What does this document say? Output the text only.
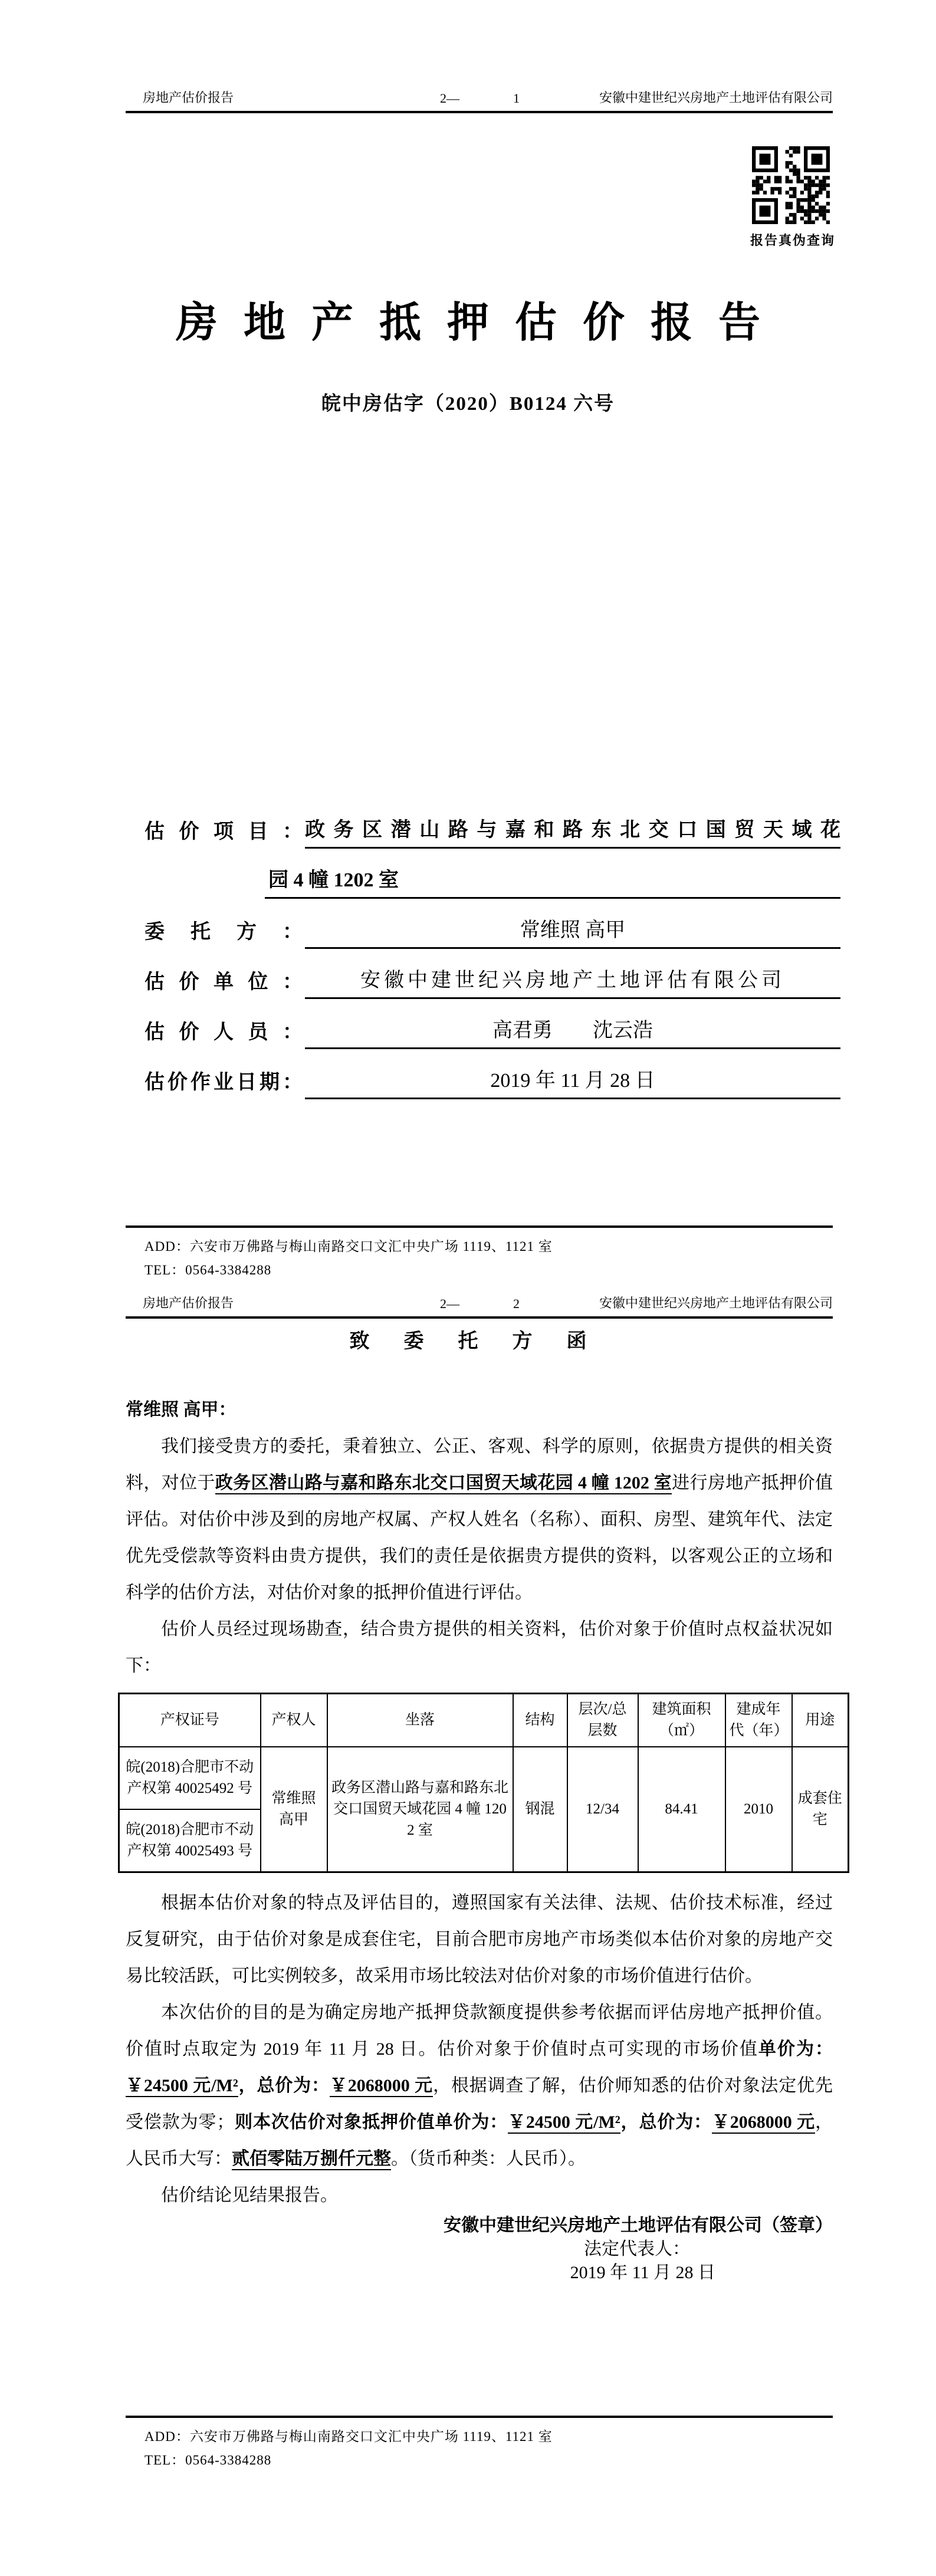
房地产估价报告	2—	1	安徽中建世纪兴房地产土地评估有限公司
报告真伪查询
房地产抵押估价报告
皖中房估字（2020）B0124 六号
估价项目： 政务区潜山路与嘉和路东北交口国贸天域花
园 4 幢 1202 室
委托方：	常维照 高甲
估价单位：	安徽中建世纪兴房地产土地评估有限公司
估价人员：	高君勇　　沈云浩
估价作业日期：	2019 年 11 月 28 日

ADD：六安市万佛路与梅山南路交口文汇中央广场 1119、1121 室

TEL：0564-3384288

房地产估价报告	2—	2	安徽中建世纪兴房地产土地评估有限公司
致委托方函

常维照 高甲：

我们接受贵方的委托，秉着独立、公正、客观、科学的原则，依据贵方提供的相关资料，对位于政务区潜山路与嘉和路东北交口国贸天域花园 4 幢 1202 室进行房地产抵押价值评估。对估价中涉及到的房地产权属、产权人姓名（名称）、面积、房型、建筑年代、法定优先受偿款等资料由贵方提供，我们的责任是依据贵方提供的资料，以客观公正的立场和科学的估价方法，对估价对象的抵押价值进行评估。

估价人员经过现场勘查，结合贵方提供的相关资料，估价对象于价值时点权益状况如下：

产权证号	产权人	坐落	结构	层次/总层数	建筑面积（㎡）	建成年代（年）	用途
皖(2018)合肥市不动产权第 40025492 号	常维照 高甲	政务区潜山路与嘉和路东北交口国贸天域花园 4 幢 1202 室	钢混	12/34	84.41	2010	成套住宅
皖(2018)合肥市不动产权第 40025493 号							

根据本估价对象的特点及评估目的，遵照国家有关法律、法规、估价技术标准，经过反复研究，由于估价对象是成套住宅，目前合肥市房地产市场类似本估价对象的房地产交易比较活跃，可比实例较多，故采用市场比较法对估价对象的市场价值进行估价。

本次估价的目的是为确定房地产抵押贷款额度提供参考依据而评估房地产抵押价值。价值时点取定为 2019 年 11 月 28 日。估价对象于价值时点可实现的市场价值单价为：￥24500 元/M²，总价为：￥2068000 元，根据调查了解，估价师知悉的估价对象法定优先受偿款为零；则本次估价对象抵押价值单价为：￥24500 元/M²，总价为：￥2068000 元，人民币大写：贰佰零陆万捌仟元整。（货币种类：人民币）。

估价结论见结果报告。

安徽中建世纪兴房地产土地评估有限公司（签章）

法定代表人：

2019 年 11 月 28 日

ADD：六安市万佛路与梅山南路交口文汇中央广场 1119、1121 室

TEL：0564-3384288
